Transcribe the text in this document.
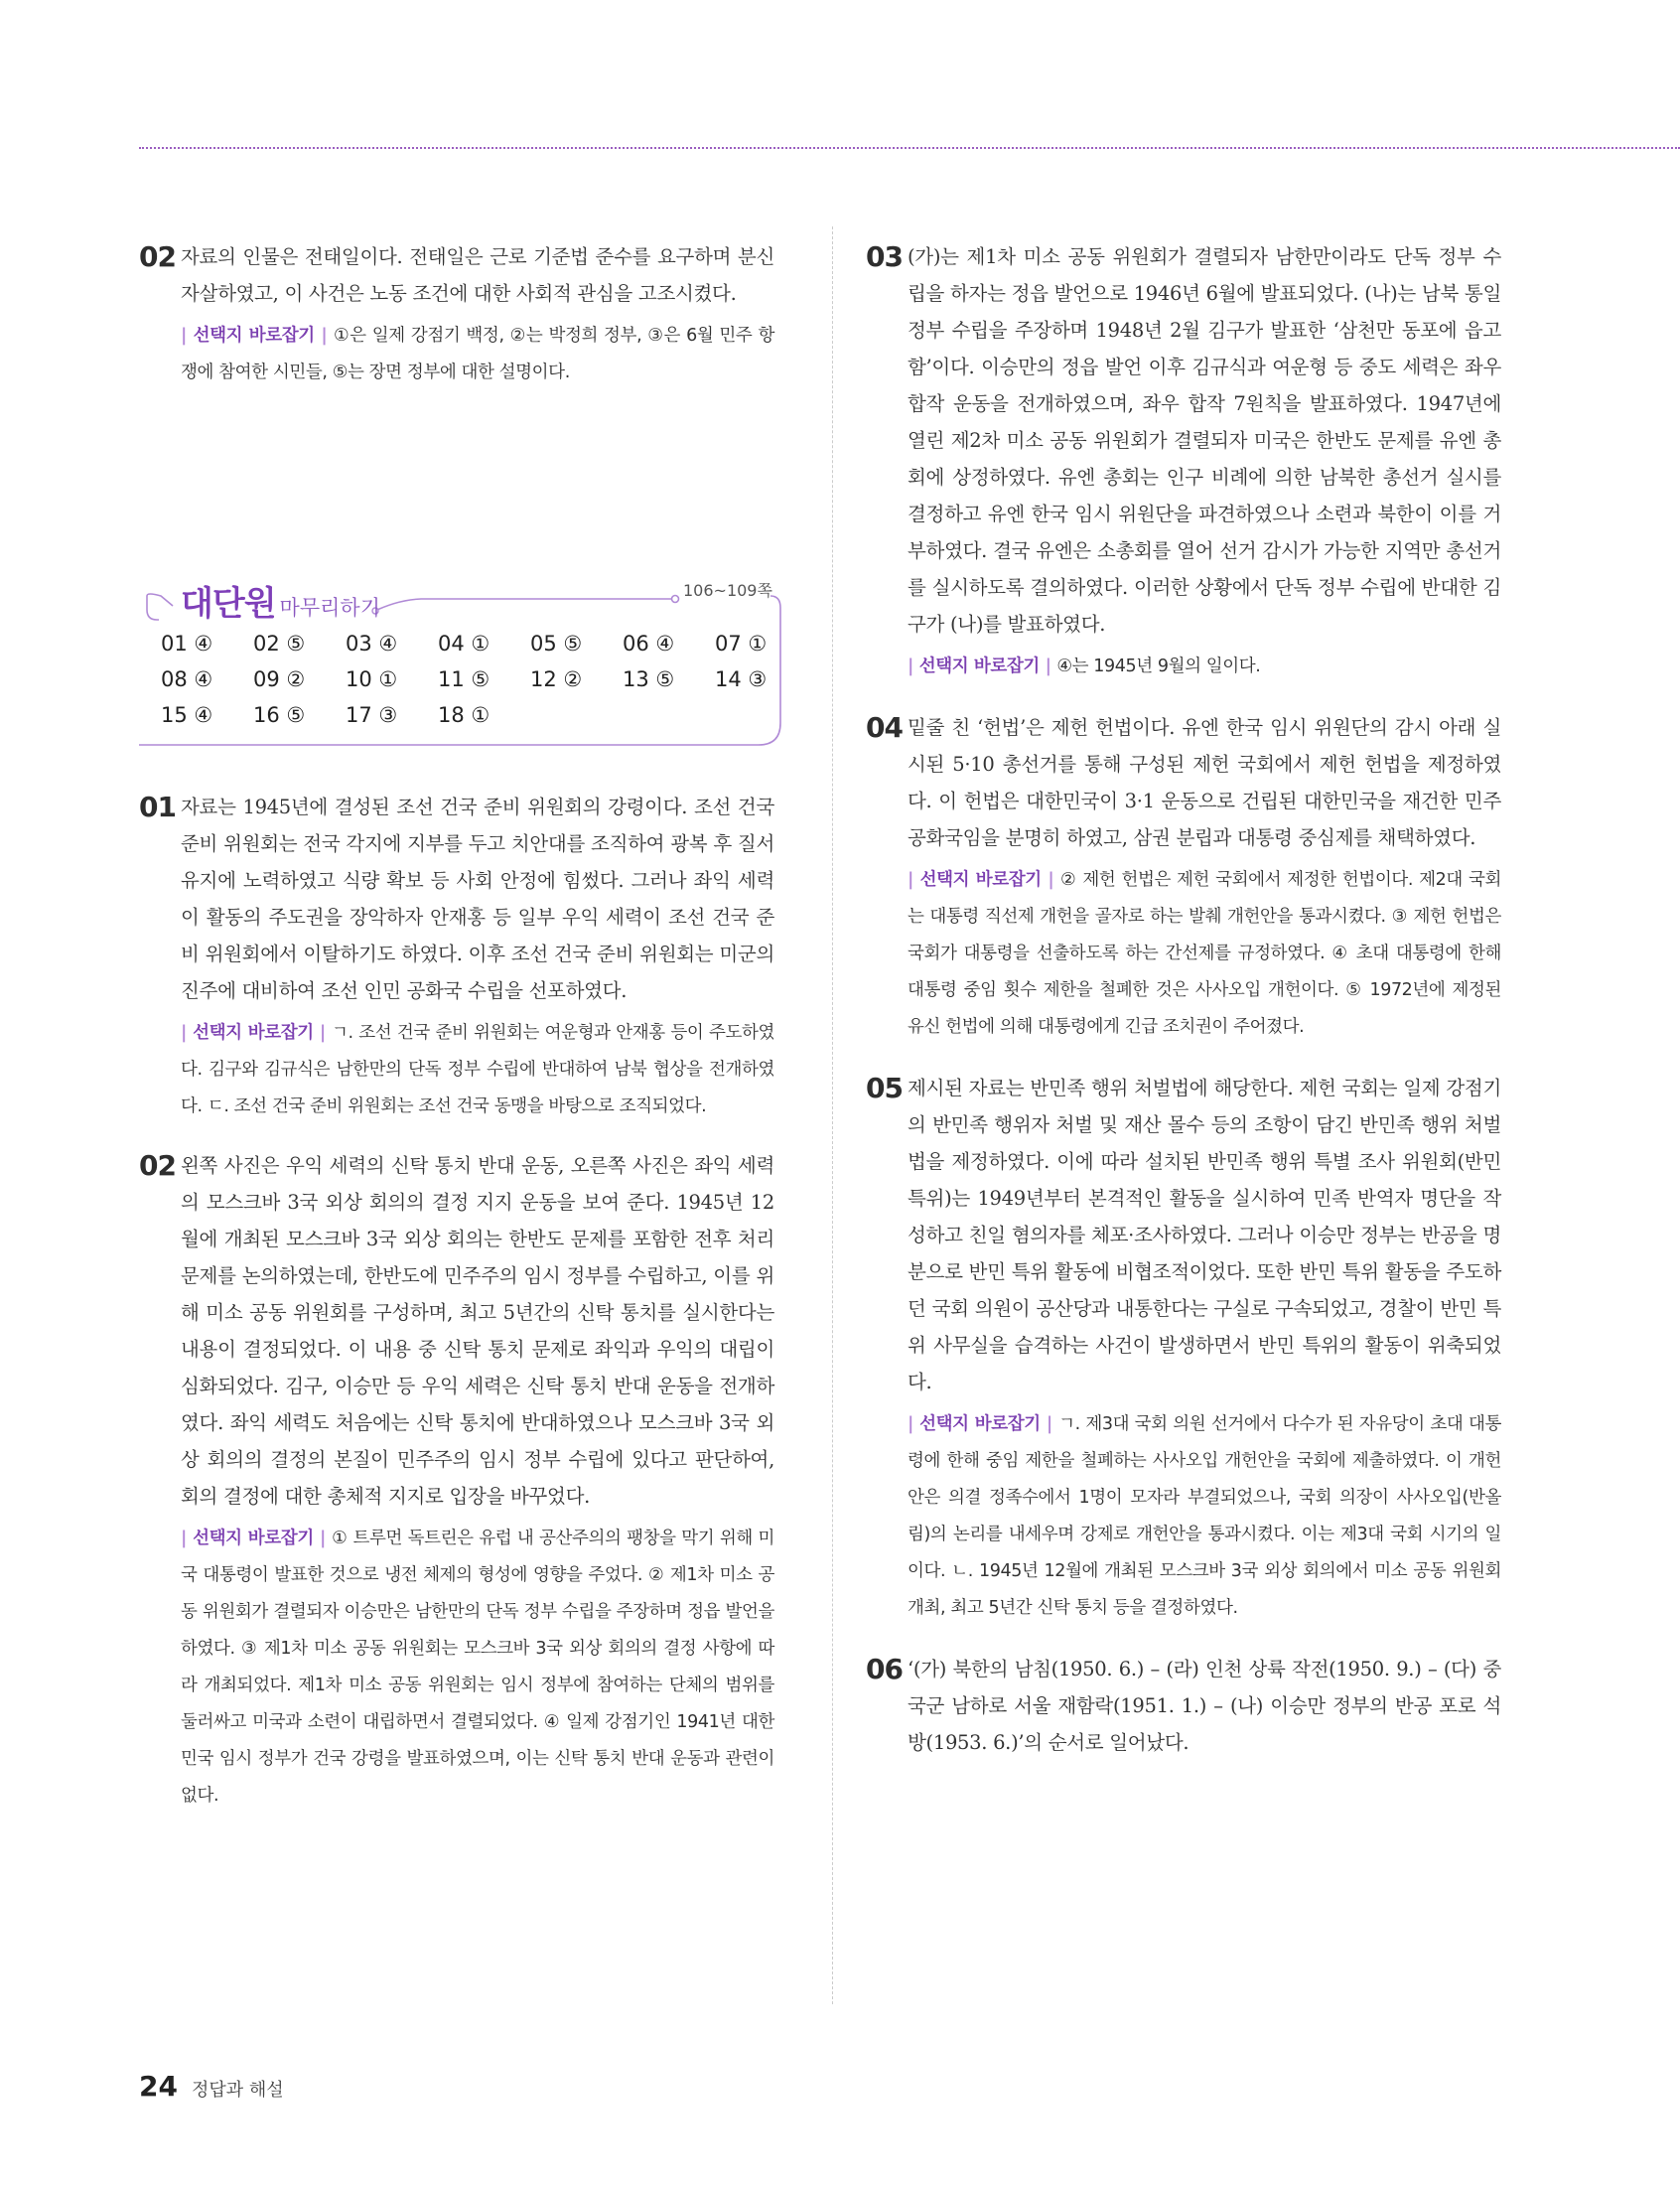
02 자료의 인물은 전태일이다. 전태일은 근로 기준법 준수를 요구하며 분신자살하였고, 이 사건은 노동 조건에 대한 사회적 관심을 고조시켰다.

| 선택지 바로잡기 | ①은 일제 강점기 백정, ②는 박정희 정부, ③은 6월 민주 항쟁에 참여한 시민들, ⑤는 장면 정부에 대한 설명이다.

대단원 마무리하기
106~109쪽
01 ④ 02 ⑤ 03 ④ 04 ① 05 ⑤ 06 ④ 07 ①
08 ④ 09 ② 10 ① 11 ⑤ 12 ② 13 ⑤ 14 ③
15 ④ 16 ⑤ 17 ③ 18 ①
01 자료는 1945년에 결성된 조선 건국 준비 위원회의 강령이다. 조선 건국 준비 위원회는 전국 각지에 지부를 두고 치안대를 조직하여 광복 후 질서 유지에 노력하였고 식량 확보 등 사회 안정에 힘썼다. 그러나 좌익 세력이 활동의 주도권을 장악하자 안재홍 등 일부 우익 세력이 조선 건국 준비 위원회에서 이탈하기도 하였다. 이후 조선 건국 준비 위원회는 미군의 진주에 대비하여 조선 인민 공화국 수립을 선포하였다.

| 선택지 바로잡기 | ㄱ. 조선 건국 준비 위원회는 여운형과 안재홍 등이 주도하였다. 김구와 김규식은 남한만의 단독 정부 수립에 반대하여 남북 협상을 전개하였다. ㄷ. 조선 건국 준비 위원회는 조선 건국 동맹을 바탕으로 조직되었다.

02 왼쪽 사진은 우익 세력의 신탁 통치 반대 운동, 오른쪽 사진은 좌익 세력의 모스크바 3국 외상 회의의 결정 지지 운동을 보여 준다. 1945년 12월에 개최된 모스크바 3국 외상 회의는 한반도 문제를 포함한 전후 처리 문제를 논의하였는데, 한반도에 민주주의 임시 정부를 수립하고, 이를 위해 미소 공동 위원회를 구성하며, 최고 5년간의 신탁 통치를 실시한다는 내용이 결정되었다. 이 내용 중 신탁 통치 문제로 좌익과 우익의 대립이 심화되었다. 김구, 이승만 등 우익 세력은 신탁 통치 반대 운동을 전개하였다. 좌익 세력도 처음에는 신탁 통치에 반대하였으나 모스크바 3국 외상 회의의 결정의 본질이 민주주의 임시 정부 수립에 있다고 판단하여, 회의 결정에 대한 총체적 지지로 입장을 바꾸었다.

| 선택지 바로잡기 | ① 트루먼 독트린은 유럽 내 공산주의의 팽창을 막기 위해 미국 대통령이 발표한 것으로 냉전 체제의 형성에 영향을 주었다. ② 제1차 미소 공동 위원회가 결렬되자 이승만은 남한만의 단독 정부 수립을 주장하며 정읍 발언을 하였다. ③ 제1차 미소 공동 위원회는 모스크바 3국 외상 회의의 결정 사항에 따라 개최되었다. 제1차 미소 공동 위원회는 임시 정부에 참여하는 단체의 범위를 둘러싸고 미국과 소련이 대립하면서 결렬되었다. ④ 일제 강점기인 1941년 대한민국 임시 정부가 건국 강령을 발표하였으며, 이는 신탁 통치 반대 운동과 관련이 없다.

03 (가)는 제1차 미소 공동 위원회가 결렬되자 남한만이라도 단독 정부 수립을 하자는 정읍 발언으로 1946년 6월에 발표되었다. (나)는 남북 통일 정부 수립을 주장하며 1948년 2월 김구가 발표한 ‘삼천만 동포에 읍고함’이다. 이승만의 정읍 발언 이후 김규식과 여운형 등 중도 세력은 좌우 합작 운동을 전개하였으며, 좌우 합작 7원칙을 발표하였다. 1947년에 열린 제2차 미소 공동 위원회가 결렬되자 미국은 한반도 문제를 유엔 총회에 상정하였다. 유엔 총회는 인구 비례에 의한 남북한 총선거 실시를 결정하고 유엔 한국 임시 위원단을 파견하였으나 소련과 북한이 이를 거부하였다. 결국 유엔은 소총회를 열어 선거 감시가 가능한 지역만 총선거를 실시하도록 결의하였다. 이러한 상황에서 단독 정부 수립에 반대한 김구가 (나)를 발표하였다.

| 선택지 바로잡기 | ④는 1945년 9월의 일이다.

04 밑줄 친 ‘헌법’은 제헌 헌법이다. 유엔 한국 임시 위원단의 감시 아래 실시된 5·10 총선거를 통해 구성된 제헌 국회에서 제헌 헌법을 제정하였다. 이 헌법은 대한민국이 3·1 운동으로 건립된 대한민국을 재건한 민주 공화국임을 분명히 하였고, 삼권 분립과 대통령 중심제를 채택하였다.

| 선택지 바로잡기 | ② 제헌 헌법은 제헌 국회에서 제정한 헌법이다. 제2대 국회는 대통령 직선제 개헌을 골자로 하는 발췌 개헌안을 통과시켰다. ③ 제헌 헌법은 국회가 대통령을 선출하도록 하는 간선제를 규정하였다. ④ 초대 대통령에 한해 대통령 중임 횟수 제한을 철폐한 것은 사사오입 개헌이다. ⑤ 1972년에 제정된 유신 헌법에 의해 대통령에게 긴급 조치권이 주어졌다.

05 제시된 자료는 반민족 행위 처벌법에 해당한다. 제헌 국회는 일제 강점기의 반민족 행위자 처벌 및 재산 몰수 등의 조항이 담긴 반민족 행위 처벌법을 제정하였다. 이에 따라 설치된 반민족 행위 특별 조사 위원회(반민 특위)는 1949년부터 본격적인 활동을 실시하여 민족 반역자 명단을 작성하고 친일 혐의자를 체포·조사하였다. 그러나 이승만 정부는 반공을 명분으로 반민 특위 활동에 비협조적이었다. 또한 반민 특위 활동을 주도하던 국회 의원이 공산당과 내통한다는 구실로 구속되었고, 경찰이 반민 특위 사무실을 습격하는 사건이 발생하면서 반민 특위의 활동이 위축되었다.

| 선택지 바로잡기 | ㄱ. 제3대 국회 의원 선거에서 다수가 된 자유당이 초대 대통령에 한해 중임 제한을 철폐하는 사사오입 개헌안을 국회에 제출하였다. 이 개헌안은 의결 정족수에서 1명이 모자라 부결되었으나, 국회 의장이 사사오입(반올림)의 논리를 내세우며 강제로 개헌안을 통과시켰다. 이는 제3대 국회 시기의 일이다. ㄴ. 1945년 12월에 개최된 모스크바 3국 외상 회의에서 미소 공동 위원회 개최, 최고 5년간 신탁 통치 등을 결정하였다.

06 ‘(가) 북한의 남침(1950. 6.) – (라) 인천 상륙 작전(1950. 9.) – (다) 중국군 남하로 서울 재함락(1951. 1.) – (나) 이승만 정부의 반공 포로 석방(1953. 6.)’의 순서로 일어났다.

24 정답과 해설
